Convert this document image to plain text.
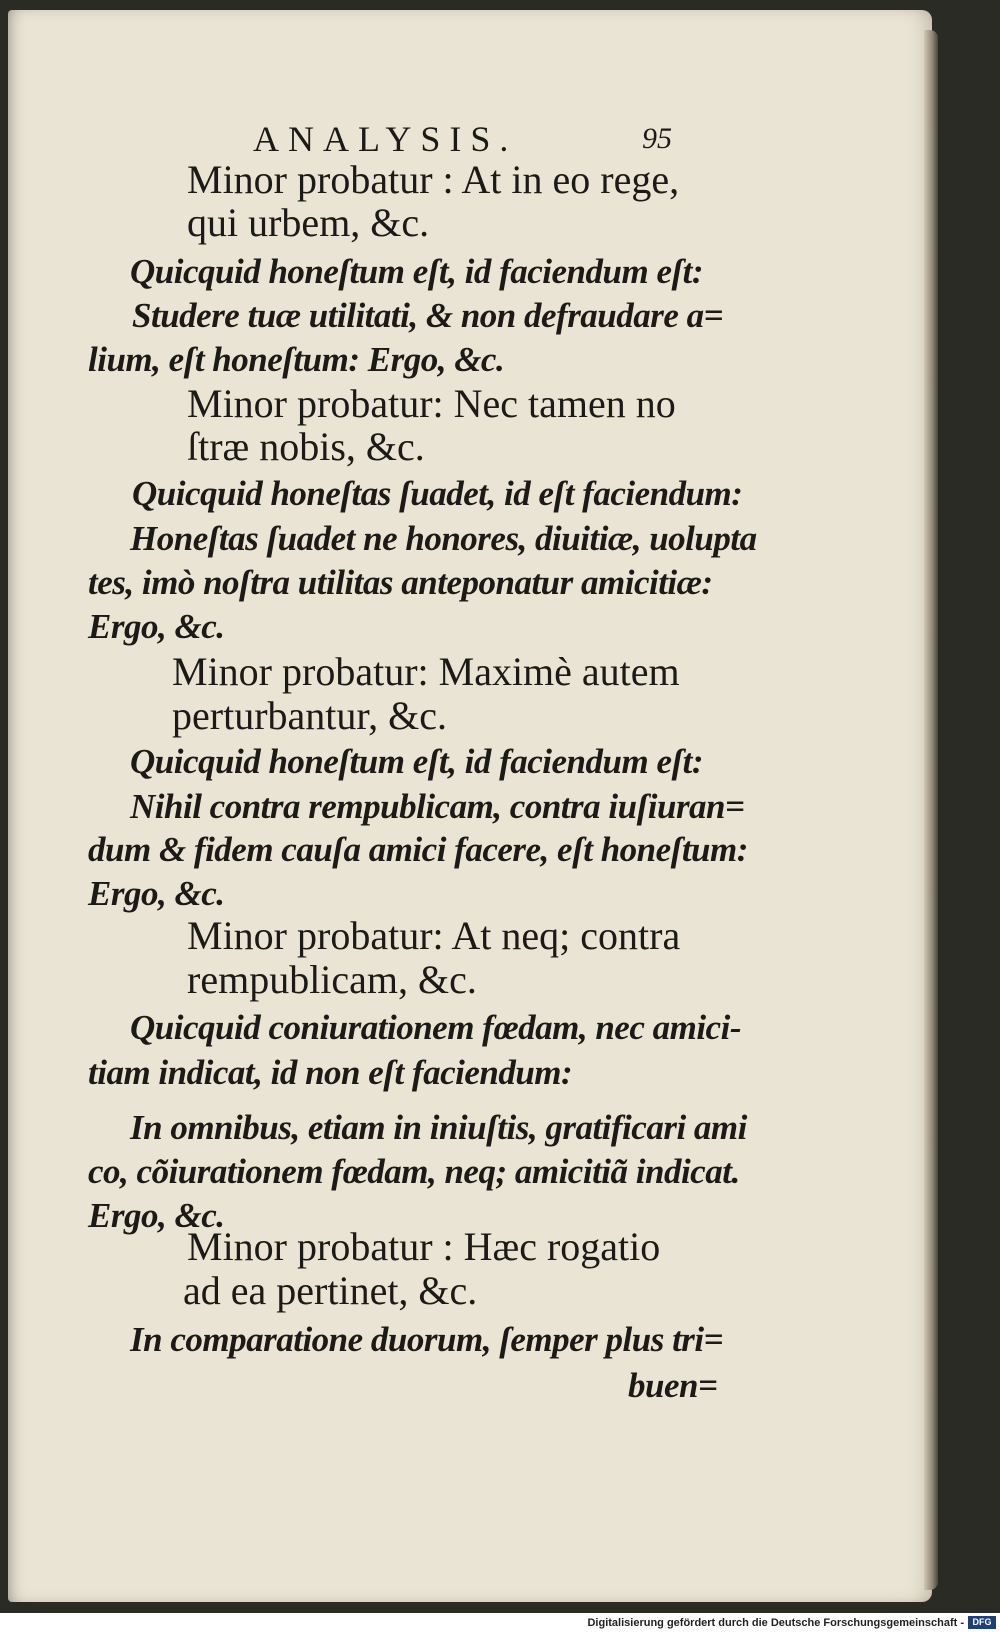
ANALYSIS.	95
Minor probatur : At in eo rege,
qui urbem, &c.
Quicquid honeſtum eſt, id faciendum eſt:
Studere tuæ utilitati, & non defraudare a=
lium, eſt honeſtum: Ergo, &c.
Minor probatur: Nec tamen no
ſtræ nobis, &c.
Quicquid honeſtas ſuadet, id eſt faciendum:
Honeſtas ſuadet ne honores, diuitiæ, uolupta
tes, imò noſtra utilitas anteponatur amicitiæ:
Ergo, &c.
Minor probatur: Maximè autem
perturbantur, &c.
Quicquid honeſtum eſt, id faciendum eſt:
Nihil contra rempublicam, contra iuſiuran=
dum & fidem cauſa amici facere, eſt honeſtum:
Ergo, &c.
Minor probatur: At neq; contra
rempublicam, &c.
Quicquid coniurationem fœdam, nec amici-
tiam indicat, id non eſt faciendum:
In omnibus, etiam in iniuſtis, gratificari ami
co, cõiurationem fœdam, neq; amicitiã indicat.
Ergo, &c.
Minor probatur : Hæc rogatio
ad ea pertinet, &c.
In comparatione duorum, ſemper plus tri=
buen=
Digitalisierung gefördert durch die Deutsche Forschungsgemeinschaft - DFG
